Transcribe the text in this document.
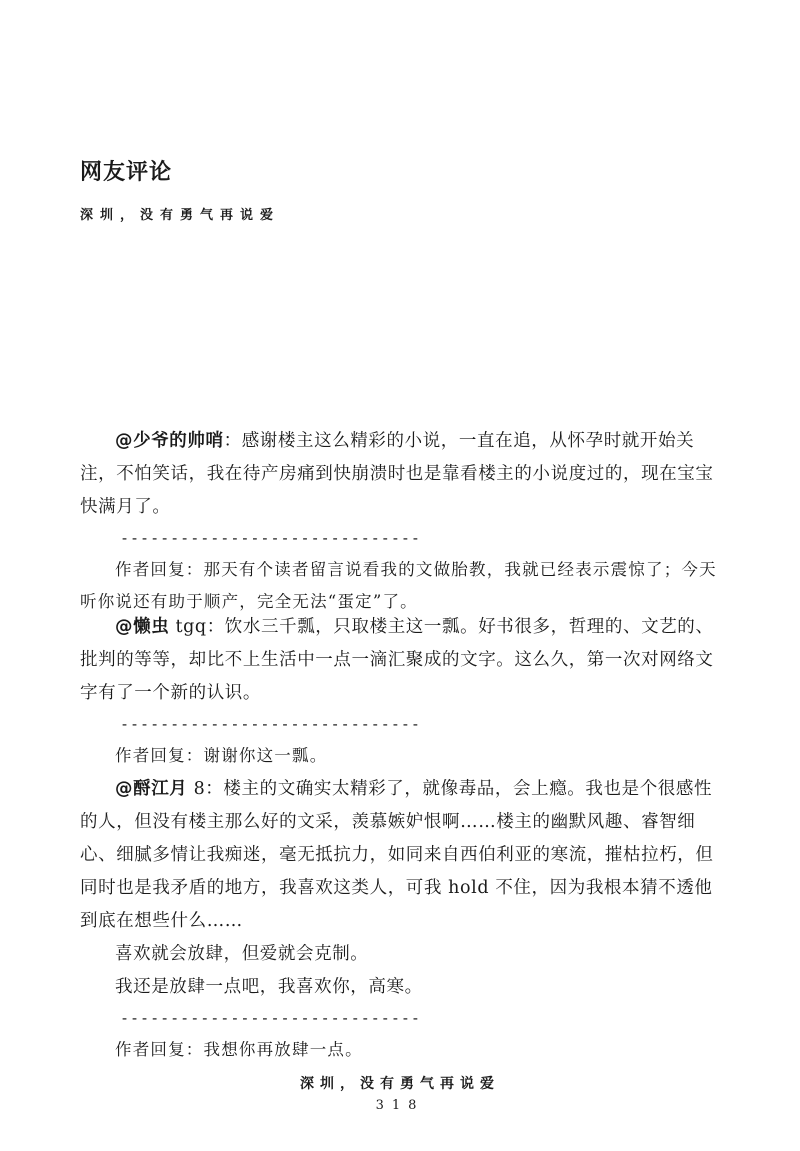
网友评论
深圳，没有勇气再说爱

@少爷的帅哨：感谢楼主这么精彩的小说，一直在追，从怀孕时就开始关注，不怕笑话，我在待产房痛到快崩溃时也是靠看楼主的小说度过的，现在宝宝快满月了。

------------------------------

作者回复：那天有个读者留言说看我的文做胎教，我就已经表示震惊了；今天听你说还有助于顺产，完全无法“蛋定”了。

@懒虫 tgq：饮水三千瓢，只取楼主这一瓢。好书很多，哲理的、文艺的、批判的等等，却比不上生活中一点一滴汇聚成的文字。这么久，第一次对网络文字有了一个新的认识。

------------------------------

作者回复：谢谢你这一瓢。

@酹江月 8：楼主的文确实太精彩了，就像毒品，会上瘾。我也是个很感性的人，但没有楼主那么好的文采，羡慕嫉妒恨啊……楼主的幽默风趣、睿智细心、细腻多情让我痴迷，毫无抵抗力，如同来自西伯利亚的寒流，摧枯拉朽，但同时也是我矛盾的地方，我喜欢这类人，可我 hold 不住，因为我根本猜不透他到底在想些什么……

喜欢就会放肆，但爱就会克制。

我还是放肆一点吧，我喜欢你，高寒。

------------------------------

作者回复：我想你再放肆一点。

深圳，没有勇气再说爱
318
